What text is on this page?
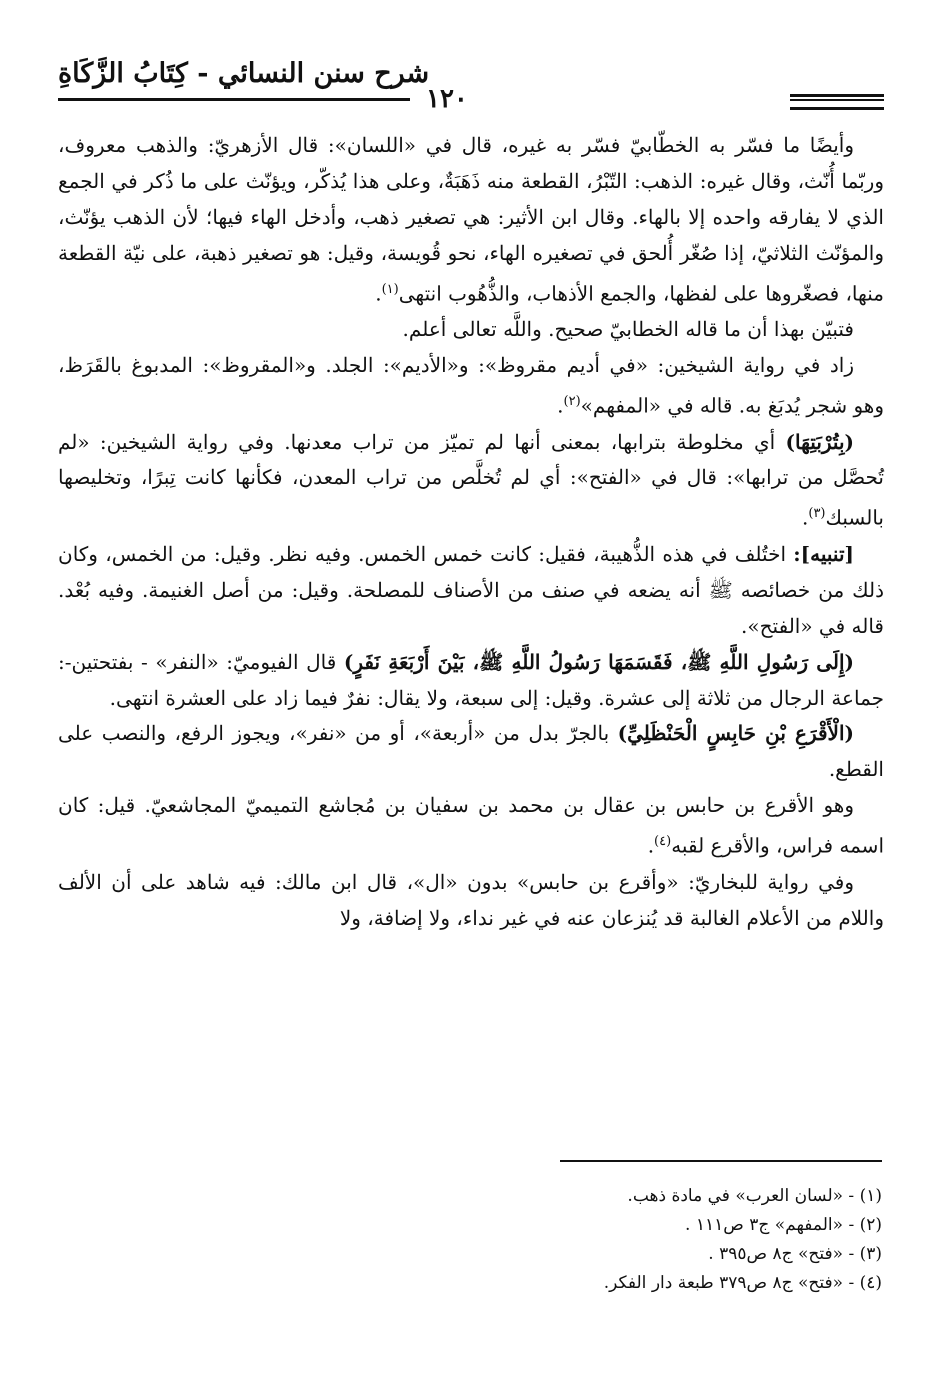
شرح سنن النسائي - كِتَابُ الزَّكَاةِ
١٢٠

وأيضًا ما فسّر به الخطّابيّ فسّر به غيره، قال في «اللسان»: قال الأزهريّ: والذهب معروف، وربّما أُنّث، وقال غيره: الذهب: التّبْرُ، القطعة منه ذَهَبَةٌ، وعلى هذا يُذكّر، ويؤنّث على ما ذُكر في الجمع الذي لا يفارقه واحده إلا بالهاء. وقال ابن الأثير: هي تصغير ذهب، وأدخل الهاء فيها؛ لأن الذهب يؤنّث، والمؤنّث الثلاثيّ، إذا صُغّر أُلحق في تصغيره الهاء، نحو قُويسة، وقيل: هو تصغير ذهبة، على نيّة القطعة منها، فصغّروها على لفظها، والجمع الأذهاب، والذُّهُوب انتهى$^{(١)}$.

فتبيّن بهذا أن ما قاله الخطابيّ صحيح. واللَّه تعالى أعلم.

زاد في رواية الشيخين: «في أديم مقروظ»: و«الأديم»: الجلد. و«المقروظ»: المدبوغ بالقَرَظ، وهو شجر يُدبَغ به. قاله في «المفهم»$^{(٢)}$.

(بِتُرْبَتِهَا) أي مخلوطة بترابها، بمعنى أنها لم تميّز من تراب معدنها. وفي رواية الشيخين: «لم تُحصَّل من ترابها»: قال في «الفتح»: أي لم تُخلَّص من تراب المعدن، فكأنها كانت تِبرًا، وتخليصها بالسبك$^{(٣)}$.

[تنبيه]: اختُلف في هذه الذُّهيبة، فقيل: كانت خمس الخمس. وفيه نظر. وقيل: من الخمس، وكان ذلك من خصائصه ﷺ أنه يضعه في صنف من الأصناف للمصلحة. وقيل: من أصل الغنيمة. وفيه بُعْد. قاله في «الفتح».

(إِلَى رَسُولِ اللَّهِ ﷺ، فَقَسَمَهَا رَسُولُ اللَّهِ ﷺ، بَيْنَ أَرْبَعَةِ نَفَرٍ) قال الفيوميّ: «النفر» - بفتحتين-: جماعة الرجال من ثلاثة إلى عشرة. وقيل: إلى سبعة، ولا يقال: نفرٌ فيما زاد على العشرة انتهى.

(الْأَقْرَعِ بْنِ حَابِسٍ الْحَنْظَلِيِّ) بالجرّ بدل من «أربعة»، أو من «نفر»، ويجوز الرفع، والنصب على القطع.

وهو الأقرع بن حابس بن عقال بن محمد بن سفيان بن مُجاشع التميميّ المجاشعيّ. قيل: كان اسمه فراس، والأقرع لقبه$^{(٤)}$.

وفي رواية للبخاريّ: «وأقرع بن حابس» بدون «ال»، قال ابن مالك: فيه شاهد على أن الألف واللام من الأعلام الغالبة قد يُنزعان عنه في غير نداء، ولا إضافة، ولا

(١) - «لسان العرب» في مادة ذهب.

(٢) - «المفهم» ج٣ ص١١١ .

(٣) - «فتح» ج٨ ص٣٩٥ .

(٤) - «فتح» ج٨ ص٣٧٩ طبعة دار الفكر.
